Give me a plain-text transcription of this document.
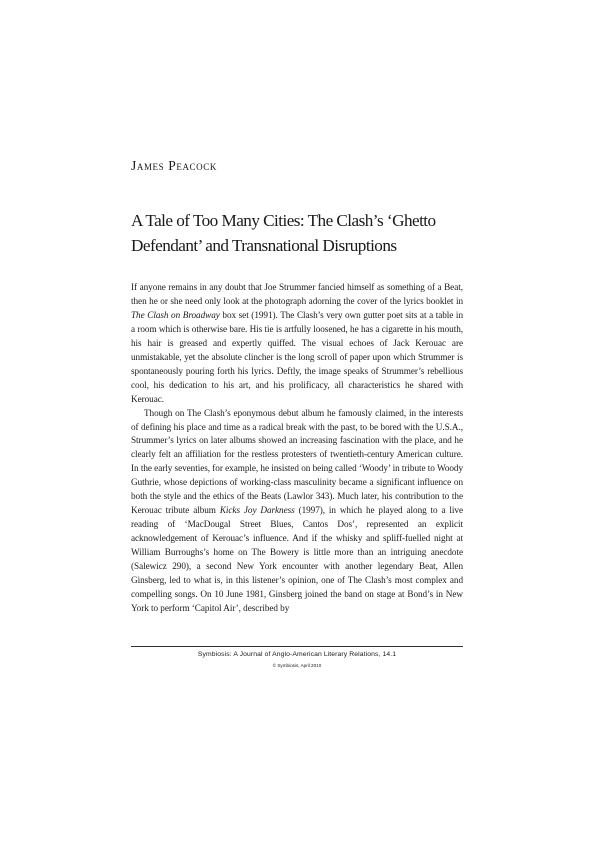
James Peacock
A Tale of Too Many Cities: The Clash’s ‘Ghetto Defendant’ and Transnational Disruptions

If anyone remains in any doubt that Joe Strummer fancied himself as something of a Beat, then he or she need only look at the photograph adorning the cover of the lyrics booklet in The Clash on Broadway box set (1991). The Clash’s very own gutter poet sits at a table in a room which is otherwise bare. His tie is artfully loosened, he has a cigarette in his mouth, his hair is greased and expertly quiffed. The visual echoes of Jack Kerouac are unmistakable, yet the absolute clincher is the long scroll of paper upon which Strummer is spontaneously pouring forth his lyrics. Deftly, the image speaks of Strummer’s rebellious cool, his dedication to his art, and his prolificacy, all characteristics he shared with Kerouac.

Though on The Clash’s eponymous debut album he famously claimed, in the interests of defining his place and time as a radical break with the past, to be bored with the U.S.A., Strummer’s lyrics on later albums showed an increasing fascination with the place, and he clearly felt an affiliation for the restless protesters of twentieth-century American culture. In the early seventies, for example, he insisted on being called ‘Woody’ in tribute to Woody Guthrie, whose depictions of working-class masculinity became a significant influence on both the style and the ethics of the Beats (Lawlor 343). Much later, his contribution to the Kerouac tribute album Kicks Joy Darkness (1997), in which he played along to a live reading of ‘MacDougal Street Blues, Cantos Dos’, represented an explicit acknowledgement of Kerouac’s influence. And if the whisky and spliff-fuelled night at William Burroughs’s home on The Bowery is little more than an intriguing anecdote (Salewicz 290), a second New York encounter with another legendary Beat, Allen Ginsberg, led to what is, in this listener’s opinion, one of The Clash’s most complex and compelling songs. On 10 June 1981, Ginsberg joined the band on stage at Bond’s in New York to perform ‘Capitol Air’, described by

Symbiosis: A Journal of Anglo-American Literary Relations, 14.1
© Symbiosis, April 2010
